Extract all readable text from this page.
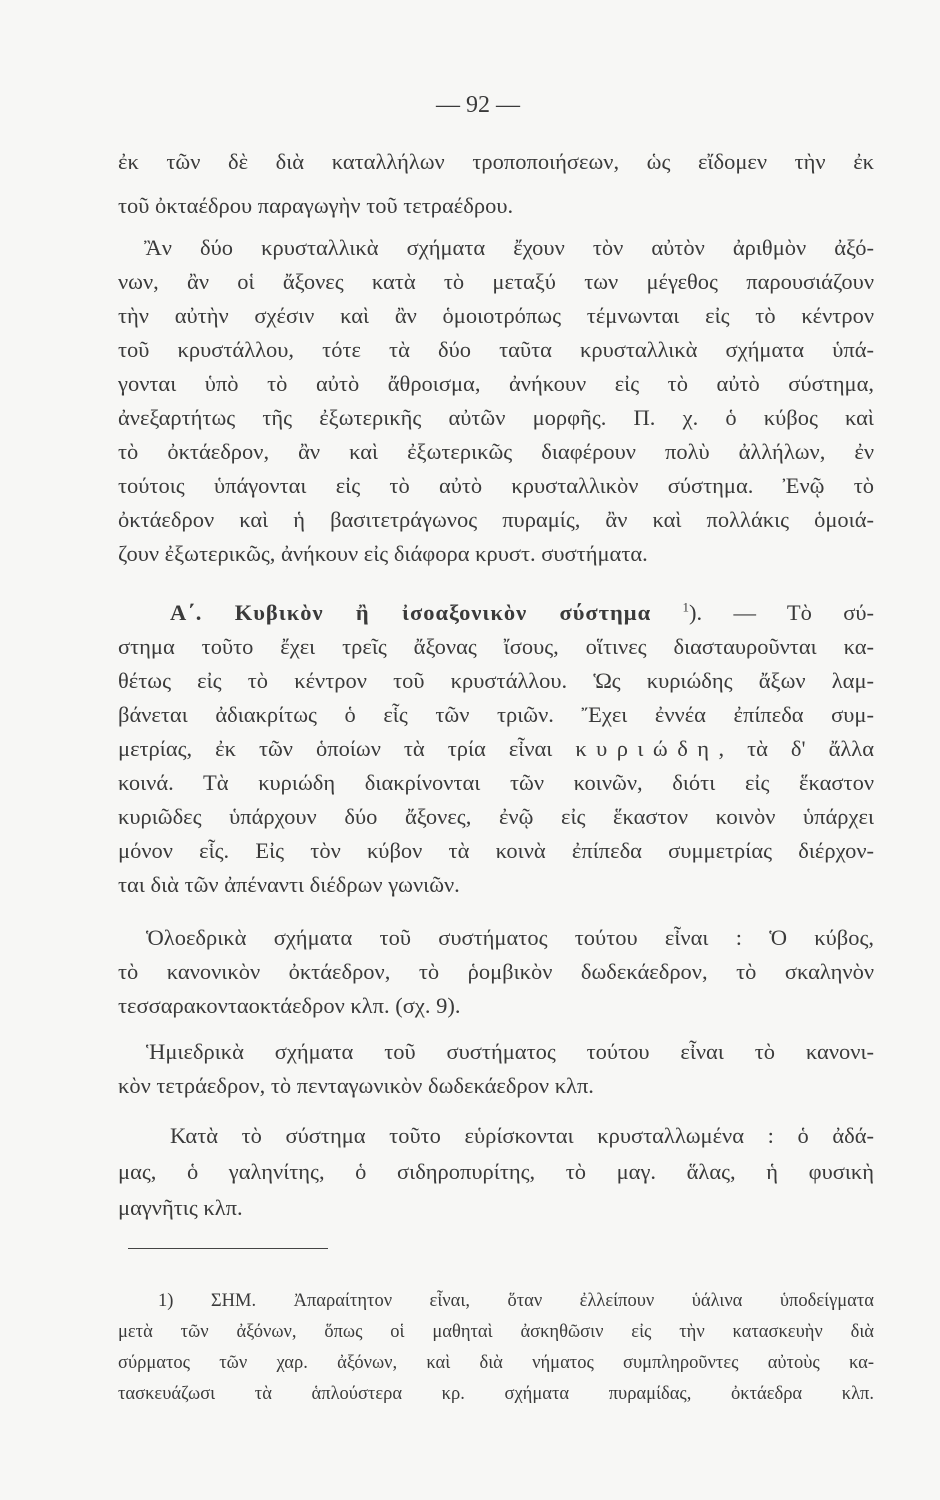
— 92 —
ἐκ τῶν δὲ διὰ καταλλήλων τροποποιήσεων, ὡς εἴδομεν τὴν ἐκ
τοῦ ὀκταέδρου παραγωγὴν τοῦ τετραέδρου.
Ἂν δύο κρυσταλλικὰ σχήματα ἔχουν τὸν αὐτὸν ἀριθμὸν ἀξό-
νων, ἂν οἱ ἄξονες κατὰ τὸ μεταξύ των μέγεθος παρουσιάζουν
τὴν αὐτὴν σχέσιν καὶ ἂν ὁμοιοτρόπως τέμνωνται εἰς τὸ κέντρον
τοῦ κρυστάλλου, τότε τὰ δύο ταῦτα κρυσταλλικὰ σχήματα ὑπά-
γονται ὑπὸ τὸ αὐτὸ ἄθροισμα, ἀνήκουν εἰς τὸ αὐτὸ σύστημα,
ἀνεξαρτήτως τῆς ἐξωτερικῆς αὐτῶν μορφῆς. Π. χ. ὁ κύβος καὶ
τὸ ὀκτάεδρον, ἂν καὶ ἐξωτερικῶς διαφέρουν πολὺ ἀλλήλων, ἐν
τούτοις ὑπάγονται εἰς τὸ αὐτὸ κρυσταλλικὸν σύστημα. Ἐνῷ τὸ
ὀκτάεδρον καὶ ἡ βασιτετράγωνος πυραμίς, ἂν καὶ πολλάκις ὁμοιά-
ζουν ἐξωτερικῶς, ἀνήκουν εἰς διάφορα κρυστ. συστήματα.
Α΄. Κυβικὸν ἢ ἰσοαξονικὸν σύστημα $^1$). — Τὸ σύ-
στημα τοῦτο ἔχει τρεῖς ἄξονας ἴσους, οἵτινες διασταυροῦνται κα-
θέτως εἰς τὸ κέντρον τοῦ κρυστάλλου. Ὡς κυριώδης ἄξων λαμ-
βάνεται ἀδιακρίτως ὁ εἷς τῶν τριῶν. Ἔχει ἐννέα ἐπίπεδα συμ-
μετρίας, ἐκ τῶν ὁποίων τὰ τρία εἶναι κυριώδη, τὰ δ' ἄλλα
κοινά. Τὰ κυριώδη διακρίνονται τῶν κοινῶν, διότι εἰς ἕκαστον
κυριῶδες ὑπάρχουν δύο ἄξονες, ἐνῷ εἰς ἕκαστον κοινὸν ὑπάρχει
μόνον εἷς. Εἰς τὸν κύβον τὰ κοινὰ ἐπίπεδα συμμετρίας διέρχον-
ται διὰ τῶν ἀπέναντι διέδρων γωνιῶν.
Ὁλοεδρικὰ σχήματα τοῦ συστήματος τούτου εἶναι : Ὁ κύβος,
τὸ κανονικὸν ὀκτάεδρον, τὸ ῥομβικὸν δωδεκάεδρον, τὸ σκαληνὸν
τεσσαρακονταοκτάεδρον κλπ. (σχ. 9).
Ἡμιεδρικὰ σχήματα τοῦ συστήματος τούτου εἶναι τὸ κανονι-
κὸν τετράεδρον, τὸ πενταγωνικὸν δωδεκάεδρον κλπ.
Κατὰ τὸ σύστημα τοῦτο εὑρίσκονται κρυσταλλωμένα : ὁ ἀδά-
μας, ὁ γαληνίτης, ὁ σιδηροπυρίτης, τὸ μαγ. ἅλας, ἡ φυσικὴ
μαγνῆτις κλπ.
1) ΣΗΜ. Ἀπαραίτητον εἶναι, ὅταν ἐλλείπουν ὑάλινα ὑποδείγματα
μετὰ τῶν ἀξόνων, ὅπως οἱ μαθηταὶ ἀσκηθῶσιν εἰς τὴν κατασκευὴν διὰ
σύρματος τῶν χαρ. ἀξόνων, καὶ διὰ νήματος συμπληροῦντες αὐτοὺς κα-
τασκευάζωσι τὰ ἁπλούστερα κρ. σχήματα πυραμίδας, ὀκτάεδρα κλπ.
